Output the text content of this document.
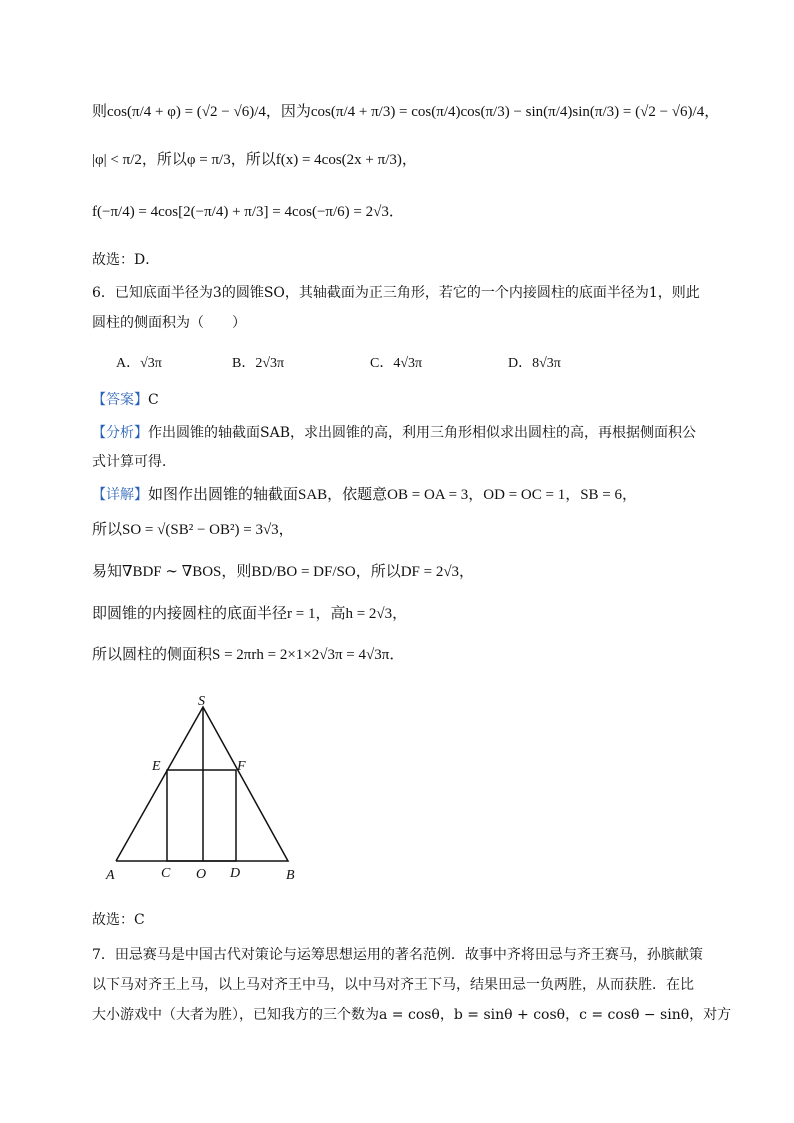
则cos(π/4 + φ) = (√2 − √6)/4，因为cos(π/4 + π/3) = cos(π/4)cos(π/3) − sin(π/4)sin(π/3) = (√2 − √6)/4，
|φ| < π/2，所以φ = π/3，所以f(x) = 4cos(2x + π/3)，
f(−π/4) = 4cos[2(−π/4) + π/3] = 4cos(−π/6) = 2√3．
故选：D．
6．已知底面半径为3的圆锥SO，其轴截面为正三角形，若它的一个内接圆柱的底面半径为1，则此
圆柱的侧面积为（　　）
A．√3π	B．2√3π	C．4√3π	D．8√3π
【答案】C
【分析】作出圆锥的轴截面SAB，求出圆锥的高，利用三角形相似求出圆柱的高，再根据侧面积公
式计算可得．
【详解】如图作出圆锥的轴截面SAB，依题意OB = OA = 3，OD = OC = 1，SB = 6，
所以SO = √(SB² − OB²) = 3√3，
易知∇BDF ∼ ∇BOS，则BD/BO = DF/SO，所以DF = 2√3，
即圆锥的内接圆柱的底面半径r = 1，高h = 2√3，
所以圆柱的侧面积S = 2πrh = 2×1×2√3π = 4√3π．
S
E	F
A	C O D	B
故选：C
7．田忌赛马是中国古代对策论与运筹思想运用的著名范例．故事中齐将田忌与齐王赛马，孙膑献策
以下马对齐王上马，以上马对齐王中马，以中马对齐王下马，结果田忌一负两胜，从而获胜．在比
大小游戏中（大者为胜），已知我方的三个数为a = cosθ，b = sinθ + cosθ，c = cosθ − sinθ，对方
